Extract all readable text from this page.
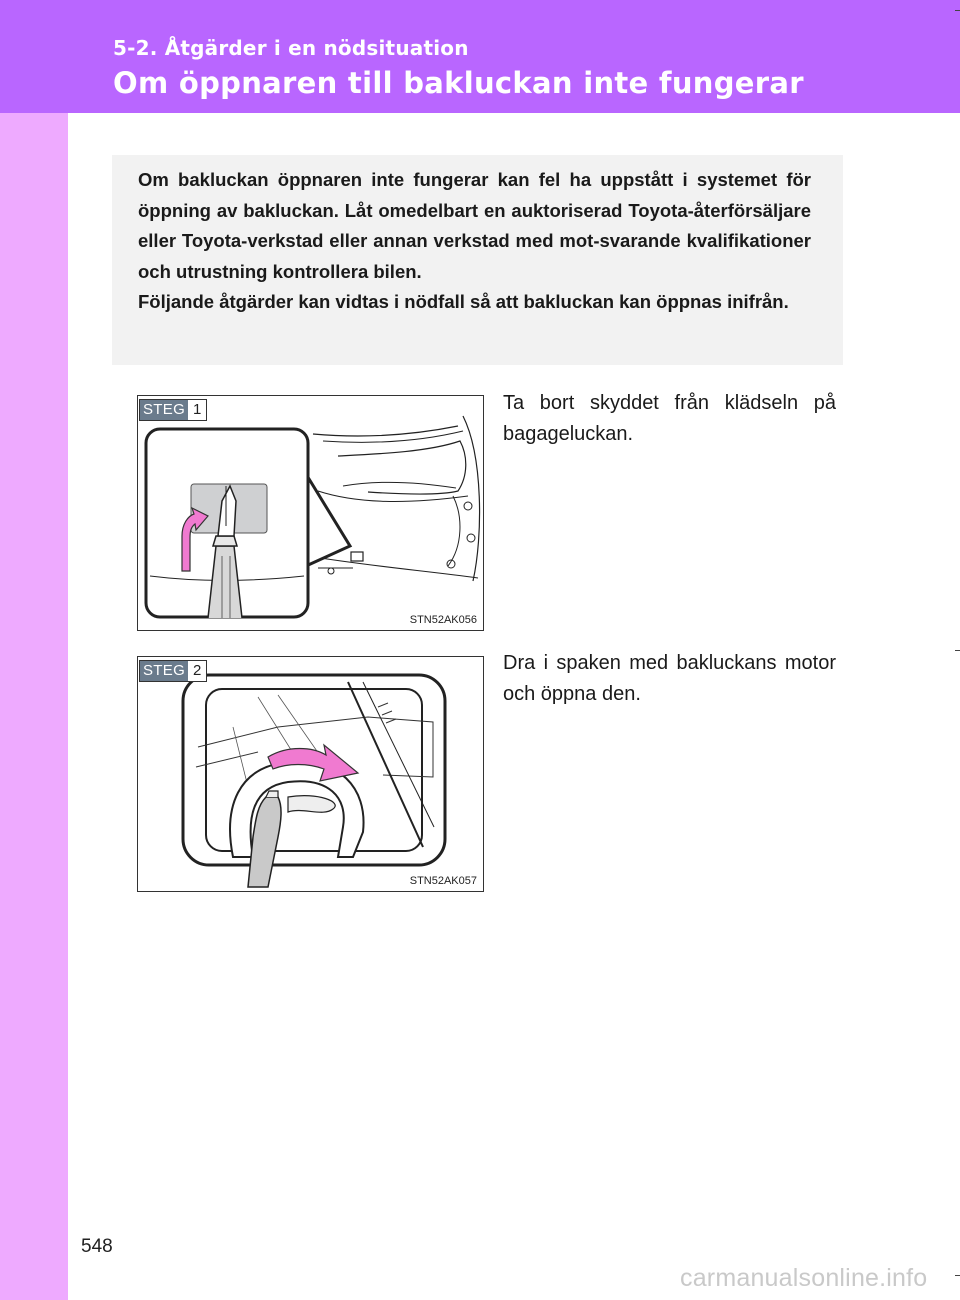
5-2. Åtgärder i en nödsituation
Om öppnaren till bakluckan inte fungerar

Om bakluckan öppnaren inte fungerar kan fel ha uppstått i systemet för öppning av bakluckan. Låt omedelbart en auktoriserad Toyota-återförsäljare eller Toyota-verkstad eller annan verkstad med mot-svarande kvalifikationer och utrustning kontrollera bilen.

Följande åtgärder kan vidtas i nödfall så att bakluckan kan öppnas inifrån.

STEG 1
STN52AK056

Ta bort skyddet från klädseln på bagageluckan.

STEG 2
STN52AK057

Dra i spaken med bakluckans motor och öppna den.

548
carmanualsonline.info
